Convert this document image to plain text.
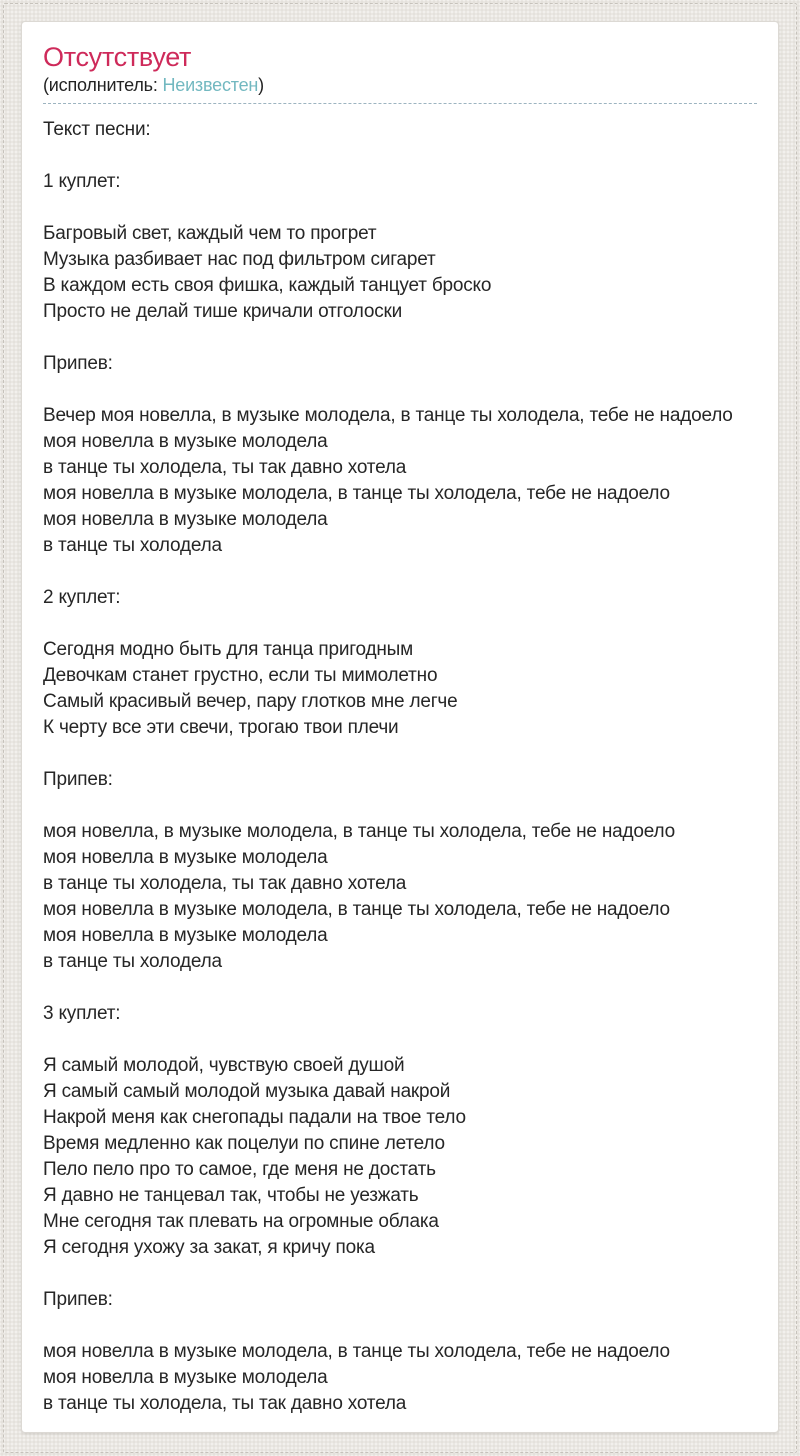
Отсутствует
(исполнитель: Неизвестен)
Текст песни:

1 куплет:

Багровый свет, каждый чем то прогрет
Музыка разбивает нас под фильтром сигарет
В каждом есть своя фишка, каждый танцует броско
Просто не делай тише кричали отголоски

Припев:

Вечер моя новелла, в музыке молодела, в танце ты холодела, тебе не надоело
моя новелла в музыке молодела
в танце ты холодела, ты так давно хотела
моя новелла в музыке молодела, в танце ты холодела, тебе не надоело
моя новелла в музыке молодела
в танце ты холодела

2 куплет:

Сегодня модно быть для танца пригодным
Девочкам станет грустно, если ты мимолетно
Самый красивый вечер, пару глотков мне легче
К черту все эти свечи, трогаю твои плечи

Припев:

моя новелла, в музыке молодела, в танце ты холодела, тебе не надоело
моя новелла в музыке молодела
в танце ты холодела, ты так давно хотела
моя новелла в музыке молодела, в танце ты холодела, тебе не надоело
моя новелла в музыке молодела
в танце ты холодела

3 куплет:

Я самый молодой, чувствую своей душой
Я самый самый молодой музыка давай накрой
Накрой меня как снегопады падали на твое тело
Время медленно как поцелуи по спине летело
Пело пело про то самое, где меня не достать
Я давно не танцевал так, чтобы не уезжать
Мне сегодня так плевать на огромные облака
Я сегодня ухожу за закат, я кричу пока

Припев:

моя новелла в музыке молодела, в танце ты холодела, тебе не надоело
моя новелла в музыке молодела
в танце ты холодела, ты так давно хотела
